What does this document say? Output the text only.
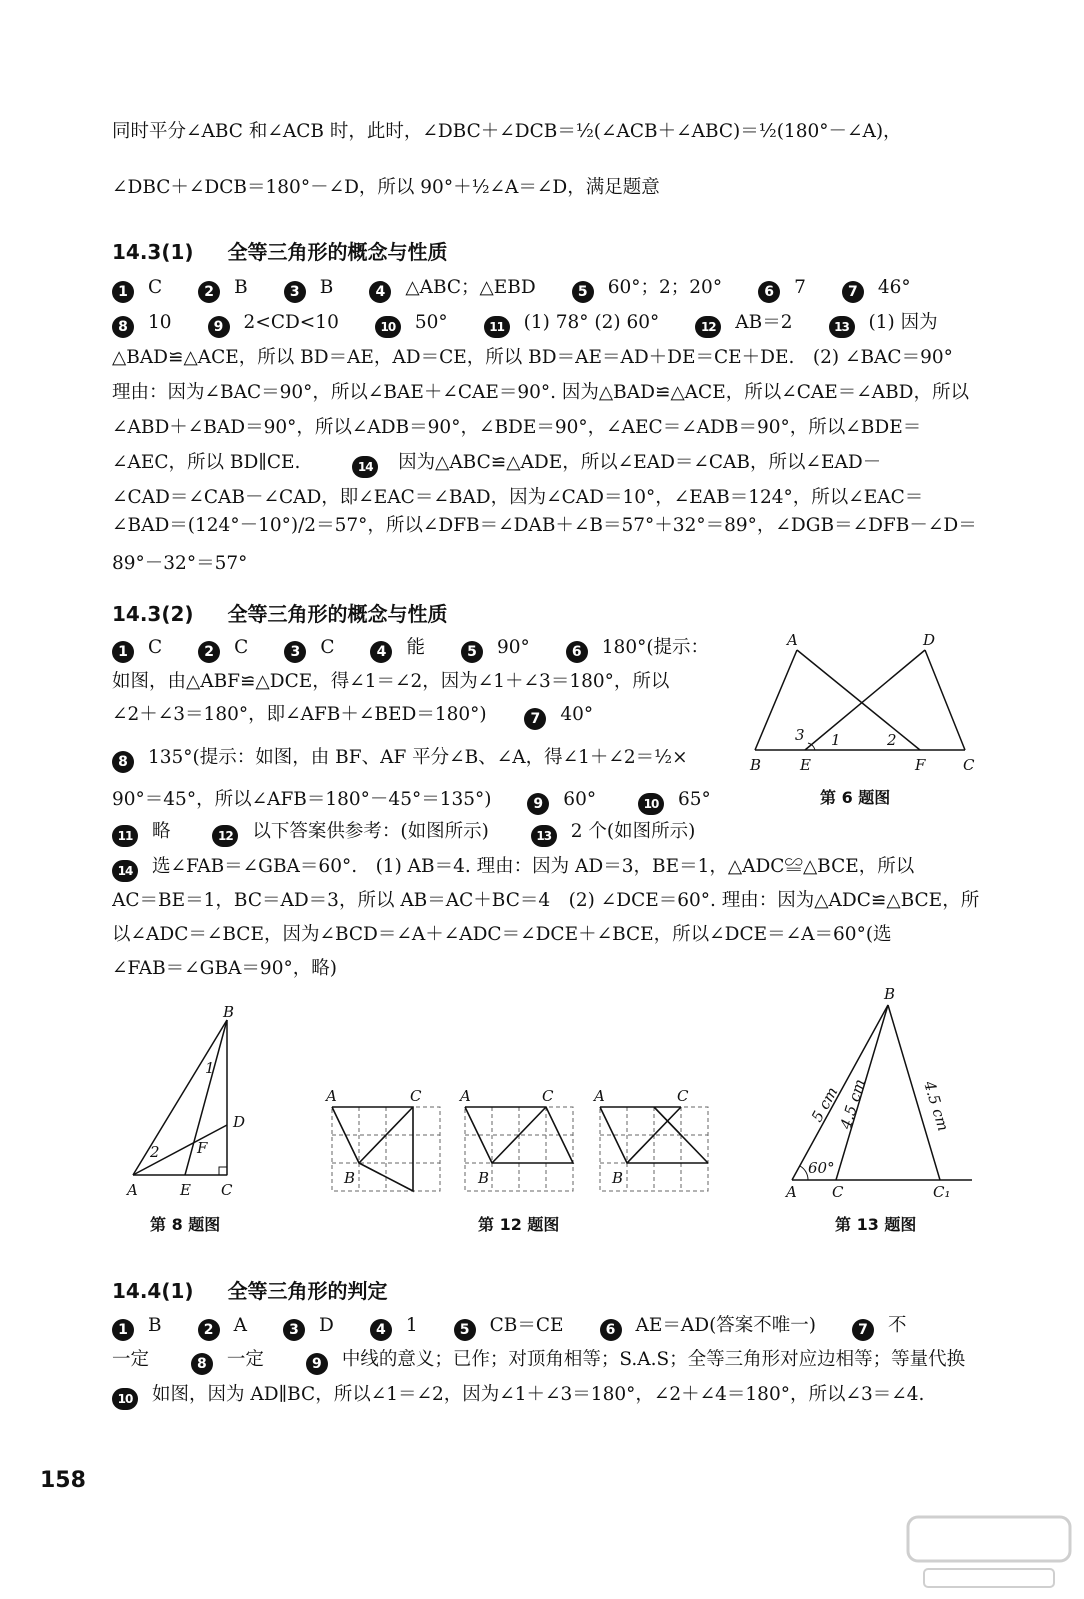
同时平分∠ABC 和∠ACB 时，此时，∠DBC＋∠DCB＝½(∠ACB＋∠ABC)＝½(180°－∠A)，
∠DBC＋∠DCB＝180°－∠D，所以 90°＋½∠A＝∠D，满足题意
14.3(1) 全等三角形的概念与性质
1 C	2 B	3 B	4 △ABC；△EBD	5 60°；2；20°	6 7	7 46°
8 10	9 2<CD<10	10 50°	11 (1) 78° (2) 60°	12 AB＝2	13 (1) 因为
△BAD≌△ACE，所以 BD＝AE，AD＝CE，所以 BD＝AE＝AD＋DE＝CE＋DE.　(2) ∠BAC＝90°
理由：因为∠BAC＝90°，所以∠BAE＋∠CAE＝90°. 因为△BAD≌△ACE，所以∠CAE＝∠ABD，所以
∠ABD＋∠BAD＝90°，所以∠ADB＝90°，∠BDE＝90°，∠AEC＝∠ADB＝90°，所以∠BDE＝
∠AEC，所以 BD∥CE.	14 因为△ABC≌△ADE，所以∠EAD＝∠CAB，所以∠EAD－
∠CAD＝∠CAB－∠CAD，即∠EAC＝∠BAD，因为∠CAD＝10°，∠EAB＝124°，所以∠EAC＝
∠BAD＝(124°－10°)/2＝57°，所以∠DFB＝∠DAB＋∠B＝57°＋32°＝89°，∠DGB＝∠DFB－∠D＝
89°－32°＝57°
14.3(2) 全等三角形的概念与性质
1 C	2 C	3 C	4 能	5 90°	6 180°(提示：
如图，由△ABF≌△DCE，得∠1＝∠2，因为∠1＋∠3＝180°，所以
∠2＋∠3＝180°，即∠AFB＋∠BED＝180°)	7 40°
8 135°(提示：如图，由 BF、AF 平分∠B、∠A，得∠1＋∠2＝½×
90°＝45°，所以∠AFB＝180°－45°＝135°)	9 60°	10 65°
11 略	12 以下答案供参考：(如图所示)	13 2 个(如图所示)
14 选∠FAB＝∠GBA＝60°.　(1) AB＝4. 理由：因为 AD＝3，BE＝1，△ADC≌△BCE，所以
AC＝BE＝1，BC＝AD＝3，所以 AB＝AC＋BC＝4　(2) ∠DCE＝60°. 理由：因为△ADC≌△BCE，所
以∠ADC＝∠BCE，因为∠BCD＝∠A＋∠ADC＝∠DCE＋∠BCE，所以∠DCE＝∠A＝60°(选
∠FAB＝∠GBA＝90°，略)
A	D
B	E	F	C
3 1	2
第 6 题图
B
D
A	E C
F
1
2
第 8 题图
A	C
B
A	C
B
A	C
B
第 12 题图
B
A C	C₁
60°
5 cm
4.5 cm	4.5 cm
第 13 题图
14.4(1) 全等三角形的判定
1 B	2 A	3 D	4 1	5 CB＝CE	6 AE＝AD(答案不唯一)	7 不
一定	8 一定	9 中线的意义；已作；对顶角相等；S.A.S；全等三角形对应边相等；等量代换
10 如图，因为 AD∥BC，所以∠1＝∠2，因为∠1＋∠3＝180°，∠2＋∠4＝180°，所以∠3＝∠4.
158
